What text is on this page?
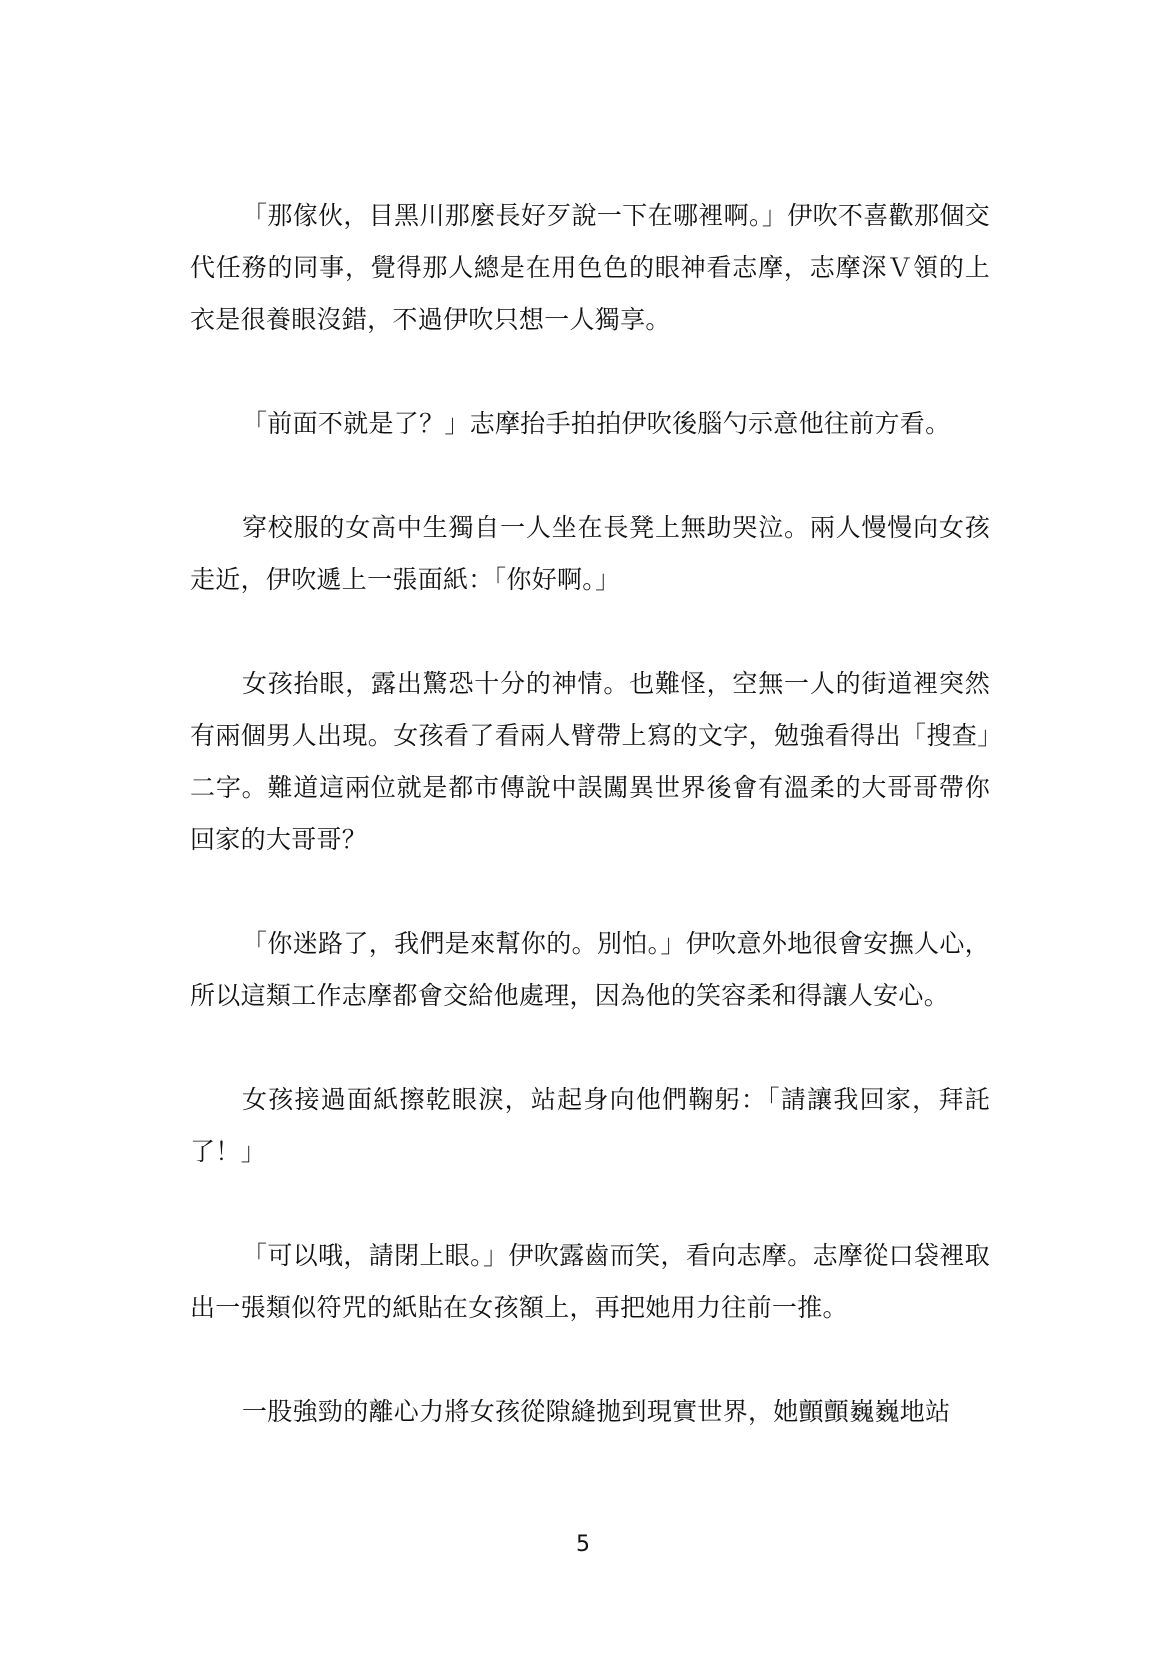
「那傢伙，目黑川那麼長好歹說一下在哪裡啊。」伊吹不喜歡那個交代任務的同事，覺得那人總是在用色色的眼神看志摩，志摩深Ｖ領的上衣是很養眼沒錯，不過伊吹只想一人獨享。

「前面不就是了？」志摩抬手拍拍伊吹後腦勺示意他往前方看。

穿校服的女高中生獨自一人坐在長凳上無助哭泣。兩人慢慢向女孩走近，伊吹遞上一張面紙：「你好啊。」

女孩抬眼，露出驚恐十分的神情。也難怪，空無一人的街道裡突然有兩個男人出現。女孩看了看兩人臂帶上寫的文字，勉強看得出「搜查」二字。難道這兩位就是都市傳說中誤闖異世界後會有溫柔的大哥哥帶你回家的大哥哥？

「你迷路了，我們是來幫你的。別怕。」伊吹意外地很會安撫人心，所以這類工作志摩都會交給他處理，因為他的笑容柔和得讓人安心。

女孩接過面紙擦乾眼淚，站起身向他們鞠躬：「請讓我回家，拜託了！」

「可以哦，請閉上眼。」伊吹露齒而笑，看向志摩。志摩從口袋裡取出一張類似符咒的紙貼在女孩額上，再把她用力往前一推。

一股強勁的離心力將女孩從隙縫拋到現實世界，她顫顫巍巍地站

5
